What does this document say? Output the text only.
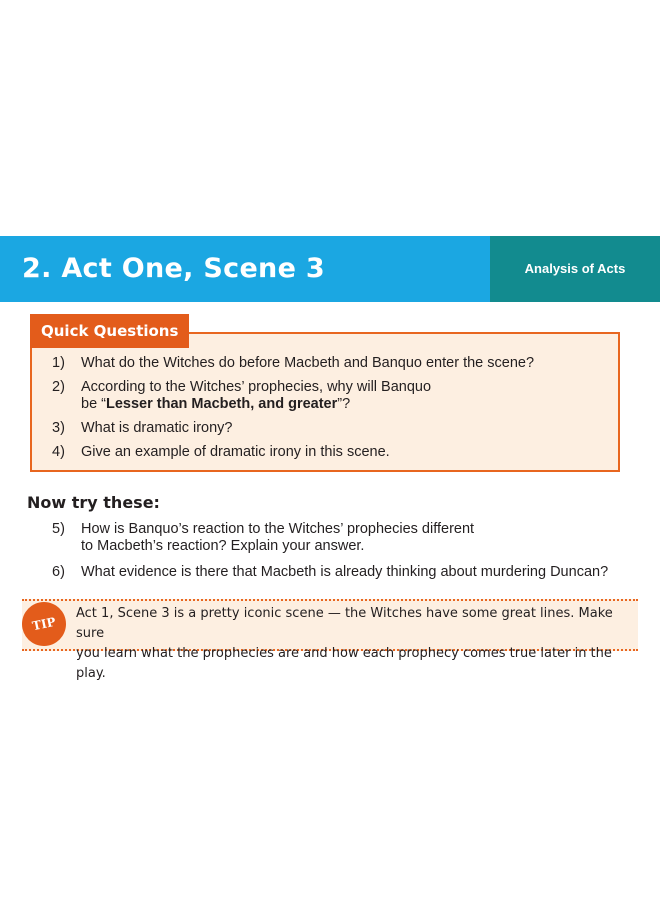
2. Act One, Scene 3	Analysis of Acts
Quick Questions
1)	What do the Witches do before Macbeth and Banquo enter the scene?
2)	According to the Witches’ prophecies, why will Banquo
be “Lesser than Macbeth, and greater”?
3)	What is dramatic irony?
4)	Give an example of dramatic irony in this scene.
Now try these:
5)	How is Banquo’s reaction to the Witches’ prophecies different
to Macbeth’s reaction? Explain your answer.
6)	What evidence is there that Macbeth is already thinking about murdering Duncan?
TIP
Act 1, Scene 3 is a pretty iconic scene — the Witches have some great lines. Make sure
you learn what the prophecies are and how each prophecy comes true later in the play.
